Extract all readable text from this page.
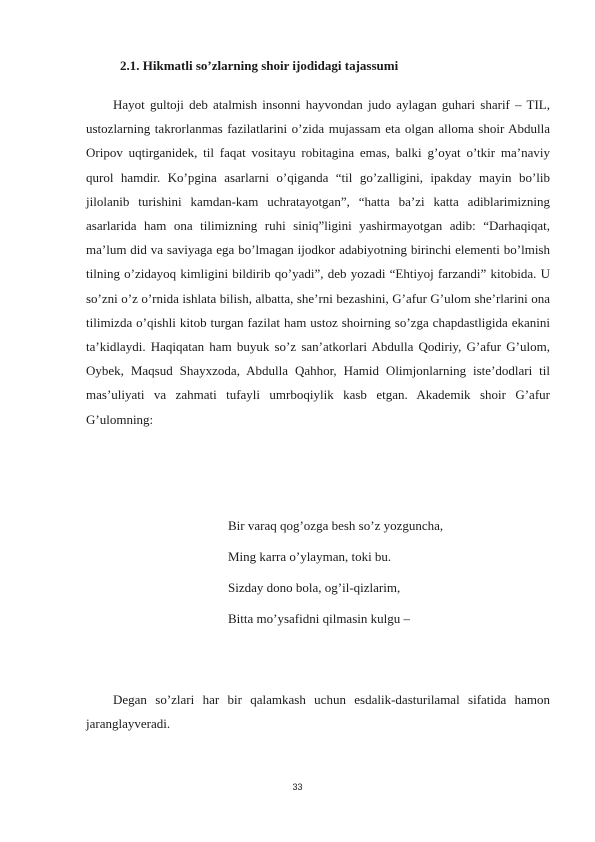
2.1. Hikmatli so’zlarning shoir ijodidagi tajassumi

Hayot gultoji deb atalmish insonni hayvondan judo aylagan guhari sharif – TIL, ustozlarning takrorlanmas fazilatlarini o’zida mujassam eta olgan alloma shoir Abdulla Oripov uqtirganidek, til faqat vositayu robitagina emas, balki g’oyat o’tkir ma’naviy qurol hamdir. Ko’pgina asarlarni o’qiganda “til go’zalligini, ipakday mayin bo’lib jilolanib turishini kamdan-kam uchratayotgan”, “hatta ba’zi katta adiblarimizning asarlarida ham ona tilimizning ruhi siniq”ligini yashirmayotgan adib: “Darhaqiqat, ma’lum did va saviyaga ega bo’lmagan ijodkor adabiyotning birinchi elementi bo’lmish tilning o’zidayoq kimligini bildirib qo’yadi”, deb yozadi “Ehtiyoj farzandi” kitobida. U so’zni o’z o’rnida ishlata bilish, albatta, she’rni bezashini, G’afur G’ulom she’rlarini ona tilimizda o’qishli kitob turgan fazilat ham ustoz shoirning so’zga chapdastligida ekanini ta’kidlaydi. Haqiqatan ham buyuk so’z san’atkorlari Abdulla Qodiriy, G’afur G’ulom, Oybek, Maqsud Shayxzoda, Abdulla Qahhor, Hamid Olimjonlarning iste’dodlari til mas’uliyati va zahmati tufayli umrboqiylik kasb etgan. Akademik shoir G’afur G’ulomning:

Bir varaq qog’ozga besh so’z yozguncha,
Ming karra o’ylayman, toki bu.
Sizday dono bola, og’il-qizlarim,
Bitta mo’ysafidni qilmasin kulgu –

Degan so’zlari har bir qalamkash uchun esdalik-dasturilamal sifatida hamon jaranglayveradi.

33
